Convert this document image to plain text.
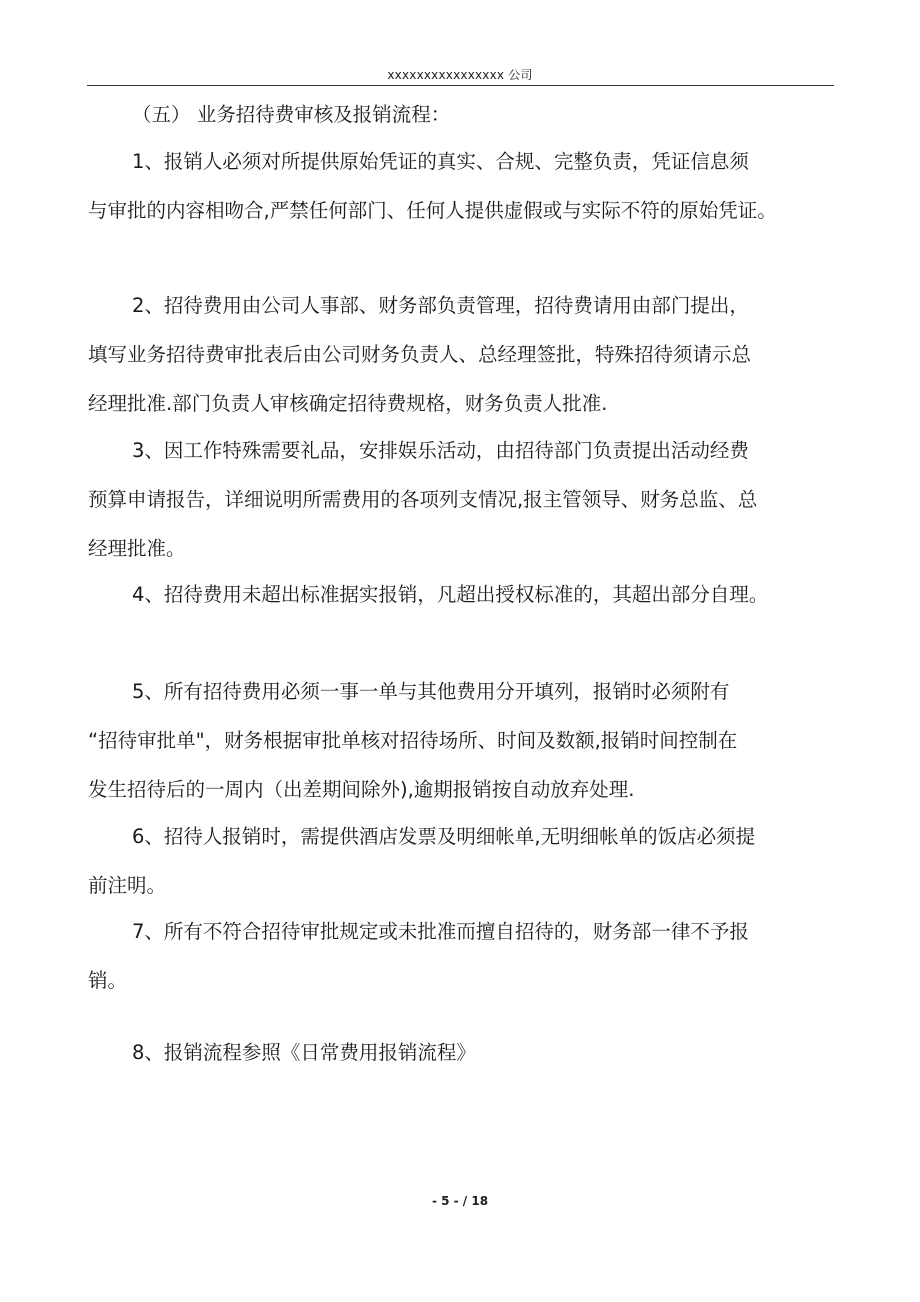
xxxxxxxxxxxxxxxx 公司
（五） 业务招待费审核及报销流程：
1、报销人必须对所提供原始凭证的真实、合规、完整负责，凭证信息须
与审批的内容相吻合,严禁任何部门、任何人提供虚假或与实际不符的原始凭证。
2、招待费用由公司人事部、财务部负责管理，招待费请用由部门提出，
填写业务招待费审批表后由公司财务负责人、总经理签批，特殊招待须请示总
经理批准.部门负责人审核确定招待费规格，财务负责人批准.
3、因工作特殊需要礼品，安排娱乐活动，由招待部门负责提出活动经费
预算申请报告，详细说明所需费用的各项列支情况,报主管领导、财务总监、总
经理批准。
4、招待费用未超出标准据实报销，凡超出授权标准的，其超出部分自理。
5、所有招待费用必须一事一单与其他费用分开填列，报销时必须附有
“招待审批单"，财务根据审批单核对招待场所、时间及数额,报销时间控制在
发生招待后的一周内（出差期间除外),逾期报销按自动放弃处理.
6、招待人报销时，需提供酒店发票及明细帐单,无明细帐单的饭店必须提
前注明。
7、所有不符合招待审批规定或未批准而擅自招待的，财务部一律不予报
销。
8、报销流程参照《日常费用报销流程》
- 5 - / 18
